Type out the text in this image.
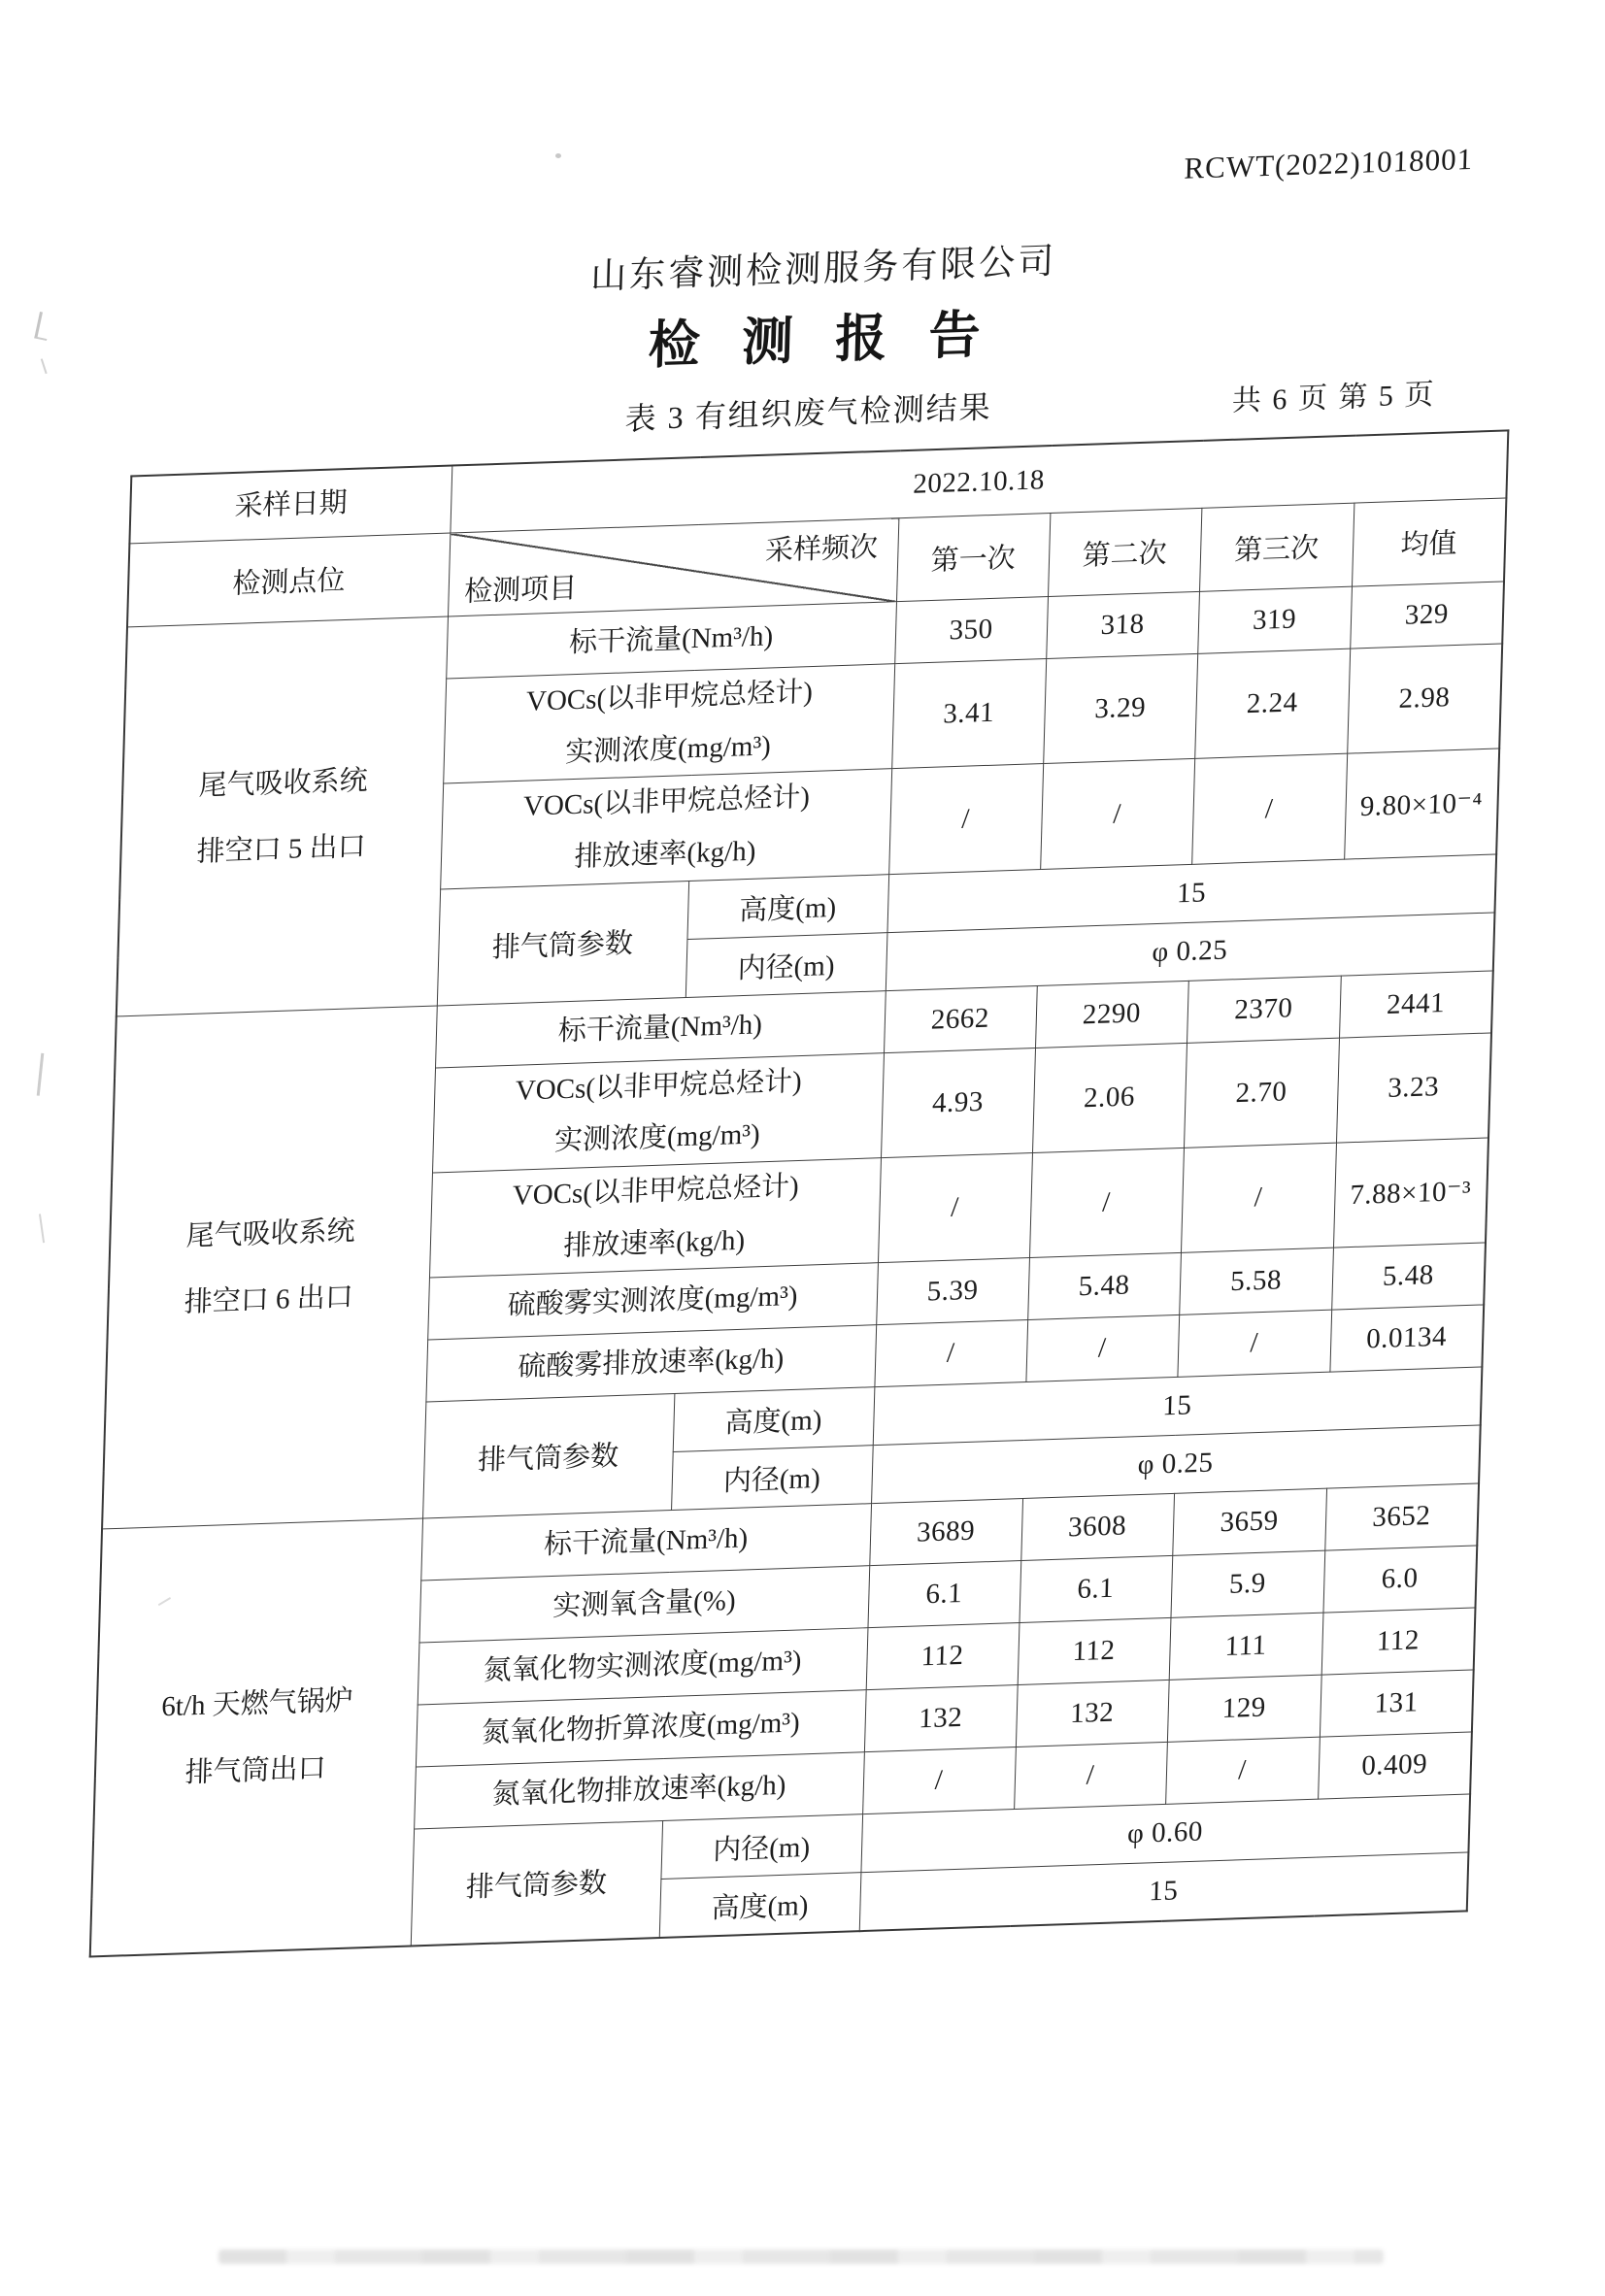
RCWT(2022)1018001
山东睿测检测服务有限公司
检 测 报 告
表 3 有组织废气检测结果	共 6 页 第 5 页
采样日期	2022.10.18					
检测点位	采样频次
检测项目		第一次	第二次	第三次	均值
尾气吸收系统
排空口 5 出口	标干流量(Nm³/h)		350	318	319	329
	VOCs(以非甲烷总烃计)
实测浓度(mg/m³)		3.41	3.29	2.24	2.98
	VOCs(以非甲烷总烃计)
排放速率(kg/h)		/	/	/	9.80×10⁻⁴
	排气筒参数	高度(m)	15			
		内径(m)	φ 0.25			
尾气吸收系统
排空口 6 出口	标干流量(Nm³/h)		2662	2290	2370	2441
	VOCs(以非甲烷总烃计)
实测浓度(mg/m³)		4.93	2.06	2.70	3.23
	VOCs(以非甲烷总烃计)
排放速率(kg/h)		/	/	/	7.88×10⁻³
	硫酸雾实测浓度(mg/m³)		5.39	5.48	5.58	5.48
	硫酸雾排放速率(kg/h)		/	/	/	0.0134
	排气筒参数	高度(m)	15			
		内径(m)	φ 0.25			
6t/h 天燃气锅炉
排气筒出口	标干流量(Nm³/h)		3689	3608	3659	3652
	实测氧含量(%)		6.1	6.1	5.9	6.0
	氮氧化物实测浓度(mg/m³)		112	112	111	112
	氮氧化物折算浓度(mg/m³)		132	132	129	131
	氮氧化物排放速率(kg/h)		/	/	/	0.409
	排气筒参数	内径(m)	φ 0.60			
		高度(m)	15			
